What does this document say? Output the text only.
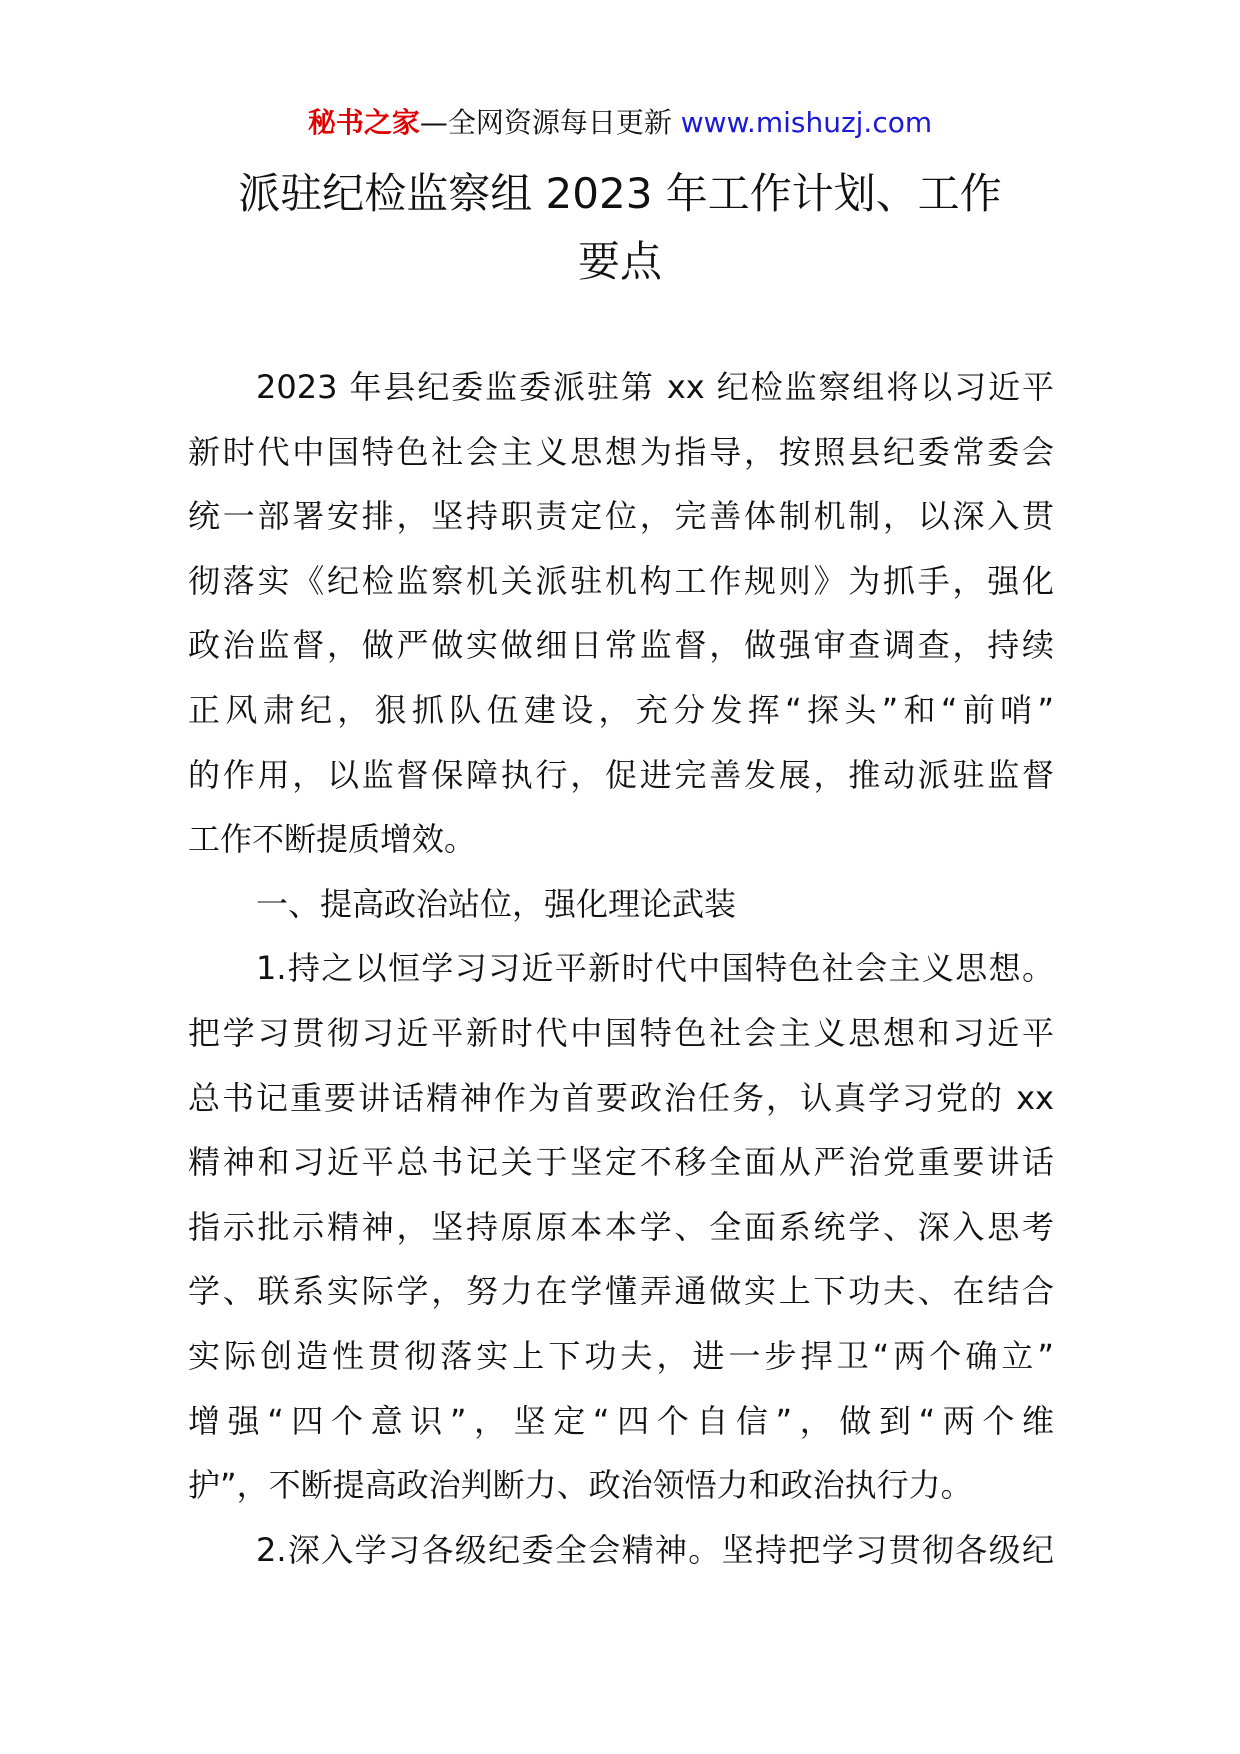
秘书之家—全网资源每日更新 www.mishuzj.com
派驻纪检监察组 2023 年工作计划、工作
要点
2023 年县纪委监委派驻第 xx 纪检监察组将以习近平
新时代中国特色社会主义思想为指导，按照县纪委常委会
统一部署安排，坚持职责定位，完善体制机制，以深入贯
彻落实《纪检监察机关派驻机构工作规则》为抓手，强化
政治监督，做严做实做细日常监督，做强审查调查，持续
正风肃纪，狠抓队伍建设，充分发挥“探头”和“前哨”
的作用，以监督保障执行，促进完善发展，推动派驻监督
工作不断提质增效。
一、提高政治站位，强化理论武装
1.持之以恒学习习近平新时代中国特色社会主义思想。
把学习贯彻习近平新时代中国特色社会主义思想和习近平
总书记重要讲话精神作为首要政治任务，认真学习党的 xx
精神和习近平总书记关于坚定不移全面从严治党重要讲话
指示批示精神，坚持原原本本学、全面系统学、深入思考
学、联系实际学，努力在学懂弄通做实上下功夫、在结合
实际创造性贯彻落实上下功夫，进一步捍卫“两个确立”
增强“四个意识”，坚定“四个自信”，做到“两个维
护”，不断提高政治判断力、政治领悟力和政治执行力。
2.深入学习各级纪委全会精神。坚持把学习贯彻各级纪
